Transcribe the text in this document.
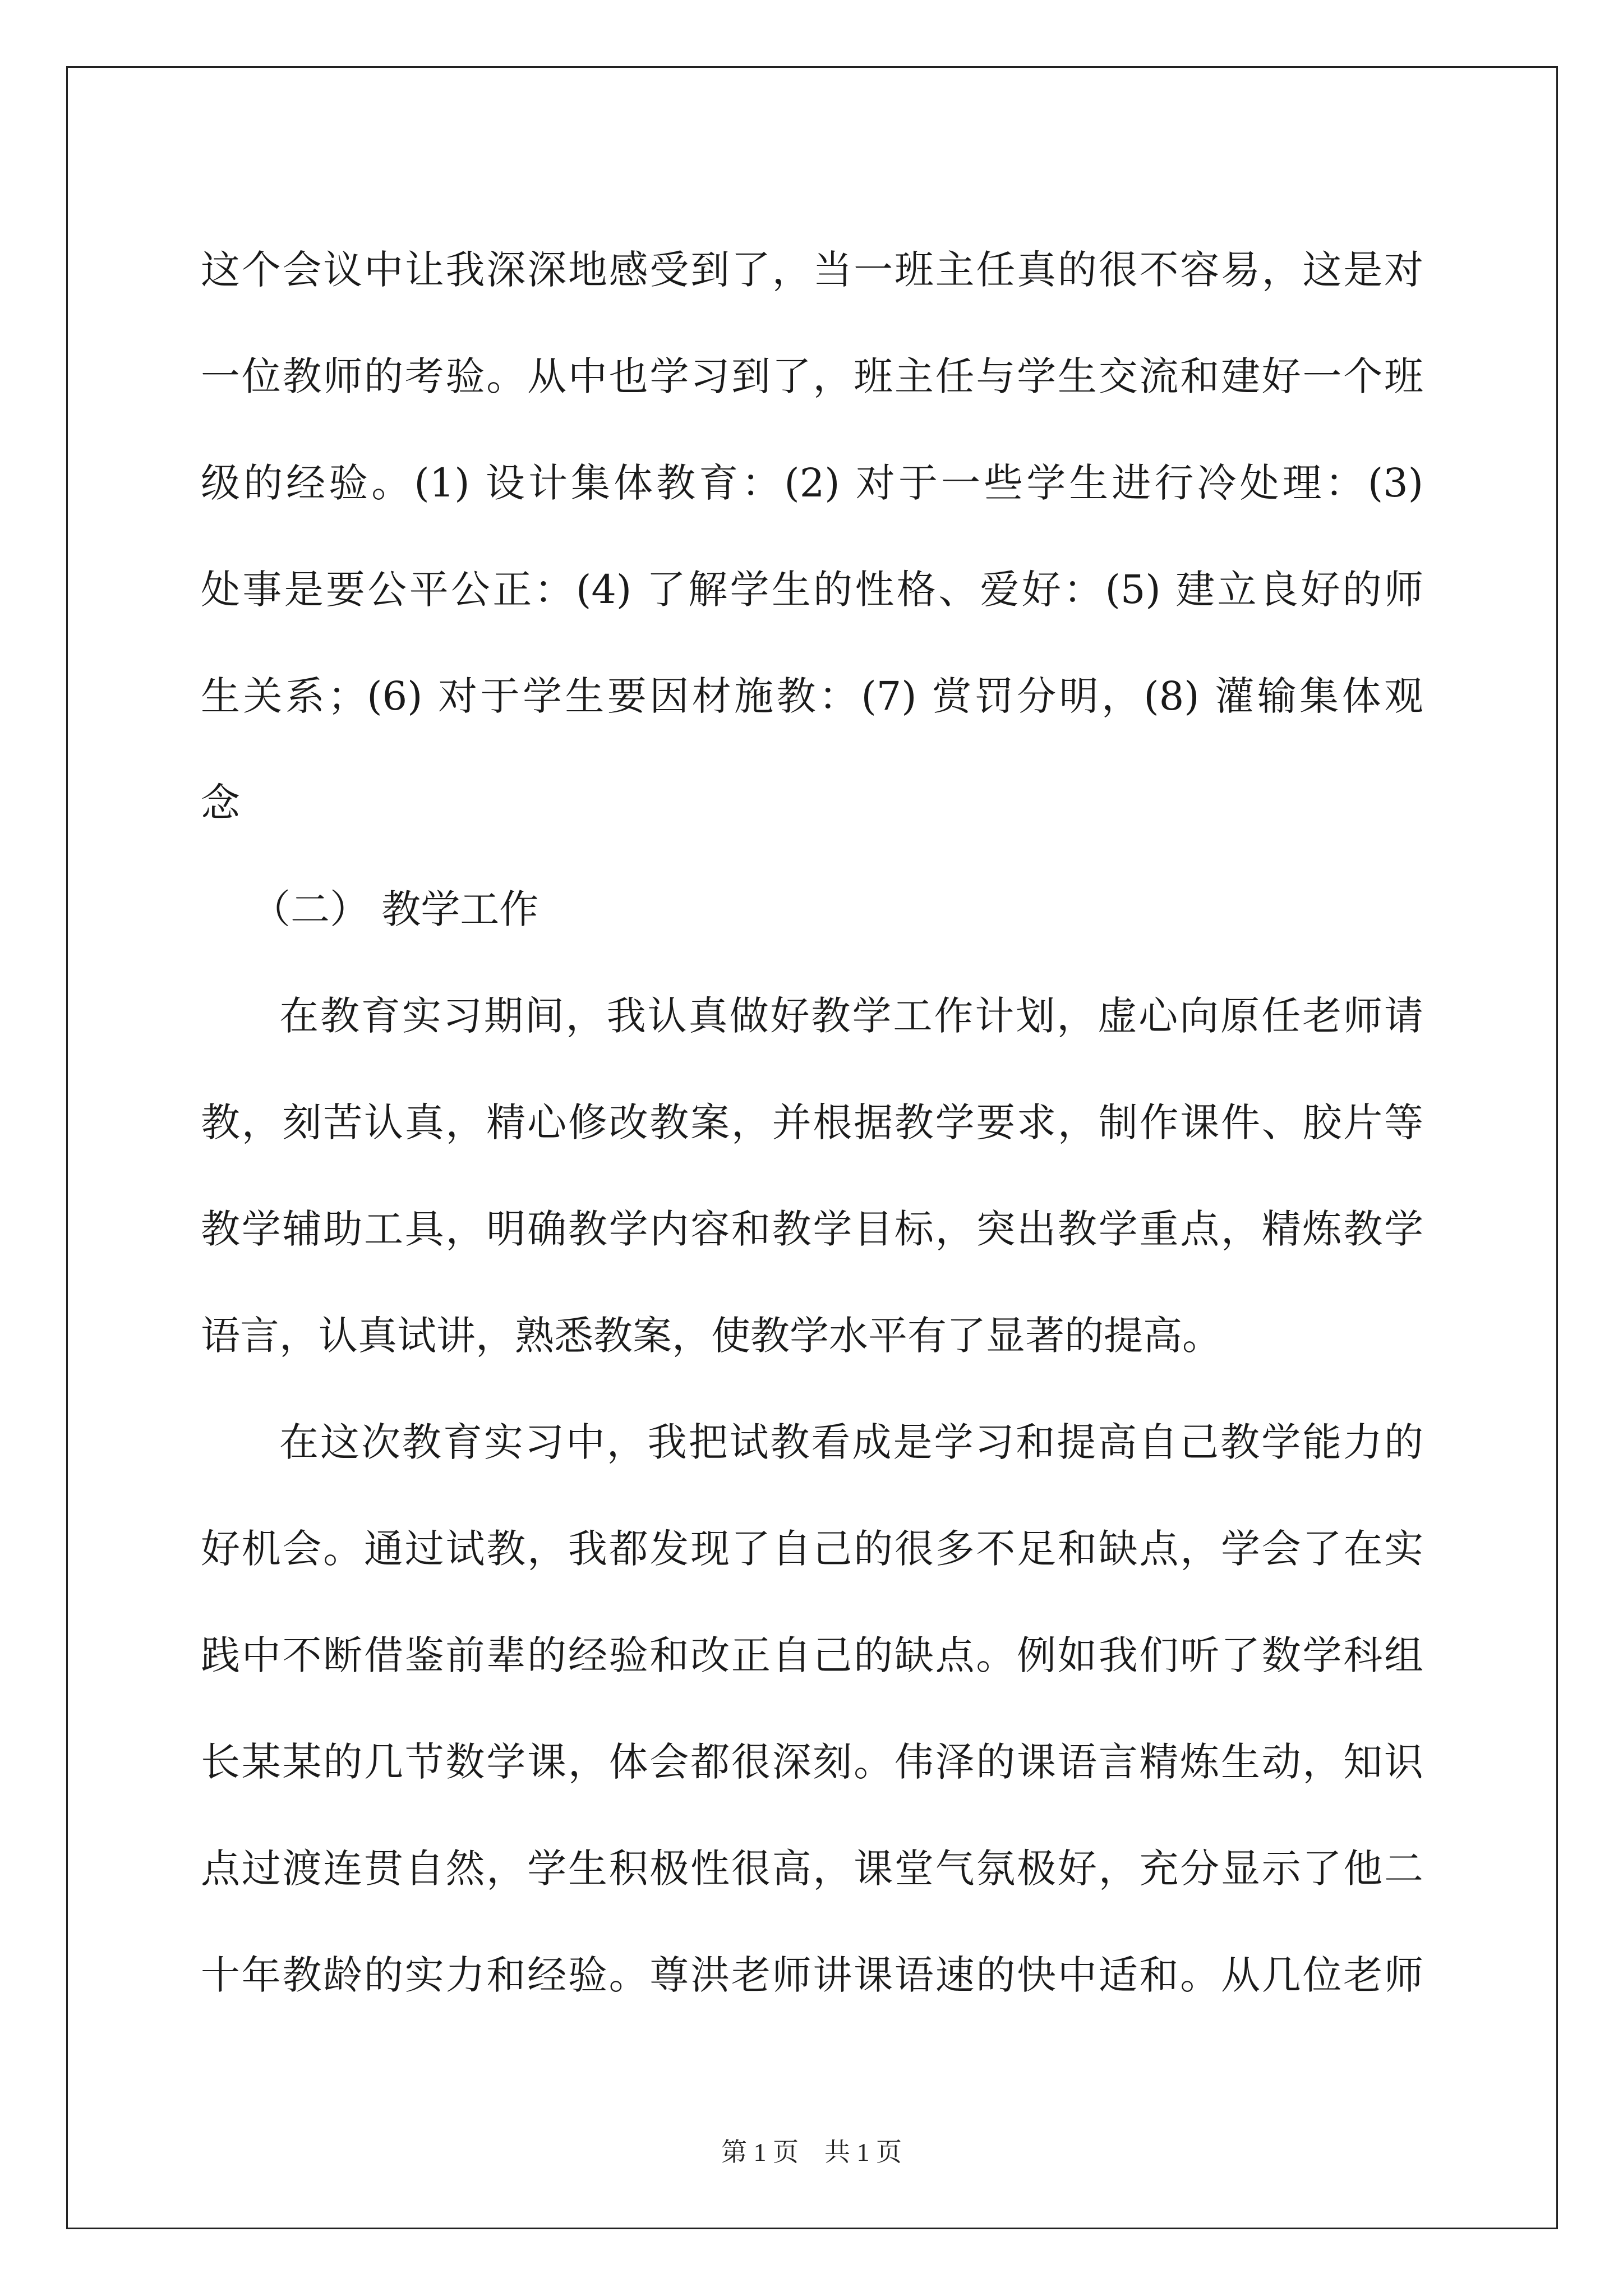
这个会议中让我深深地感受到了，当一班主任真的很不容易，这是对
一位教师的考验。从中也学习到了，班主任与学生交流和建好一个班
级的经验。(1) 设计集体教育：(2) 对于一些学生进行冷处理：(3)
处事是要公平公正：(4) 了解学生的性格、爱好：(5) 建立良好的师
生关系；(6) 对于学生要因材施教：(7) 赏罚分明，(8) 灌输集体观
念
（二） 教学工作
在教育实习期间，我认真做好教学工作计划，虚心向原任老师请
教，刻苦认真，精心修改教案，并根据教学要求，制作课件、胶片等
教学辅助工具，明确教学内容和教学目标，突出教学重点，精炼教学
语言，认真试讲，熟悉教案，使教学水平有了显著的提高。
在这次教育实习中，我把试教看成是学习和提高自己教学能力的
好机会。通过试教，我都发现了自己的很多不足和缺点，学会了在实
践中不断借鉴前辈的经验和改正自己的缺点。例如我们听了数学科组
长某某的几节数学课，体会都很深刻。伟泽的课语言精炼生动，知识
点过渡连贯自然，学生积极性很高，课堂气氛极好，充分显示了他二
十年教龄的实力和经验。尊洪老师讲课语速的快中适和。从几位老师
第 1 页　共 1 页
